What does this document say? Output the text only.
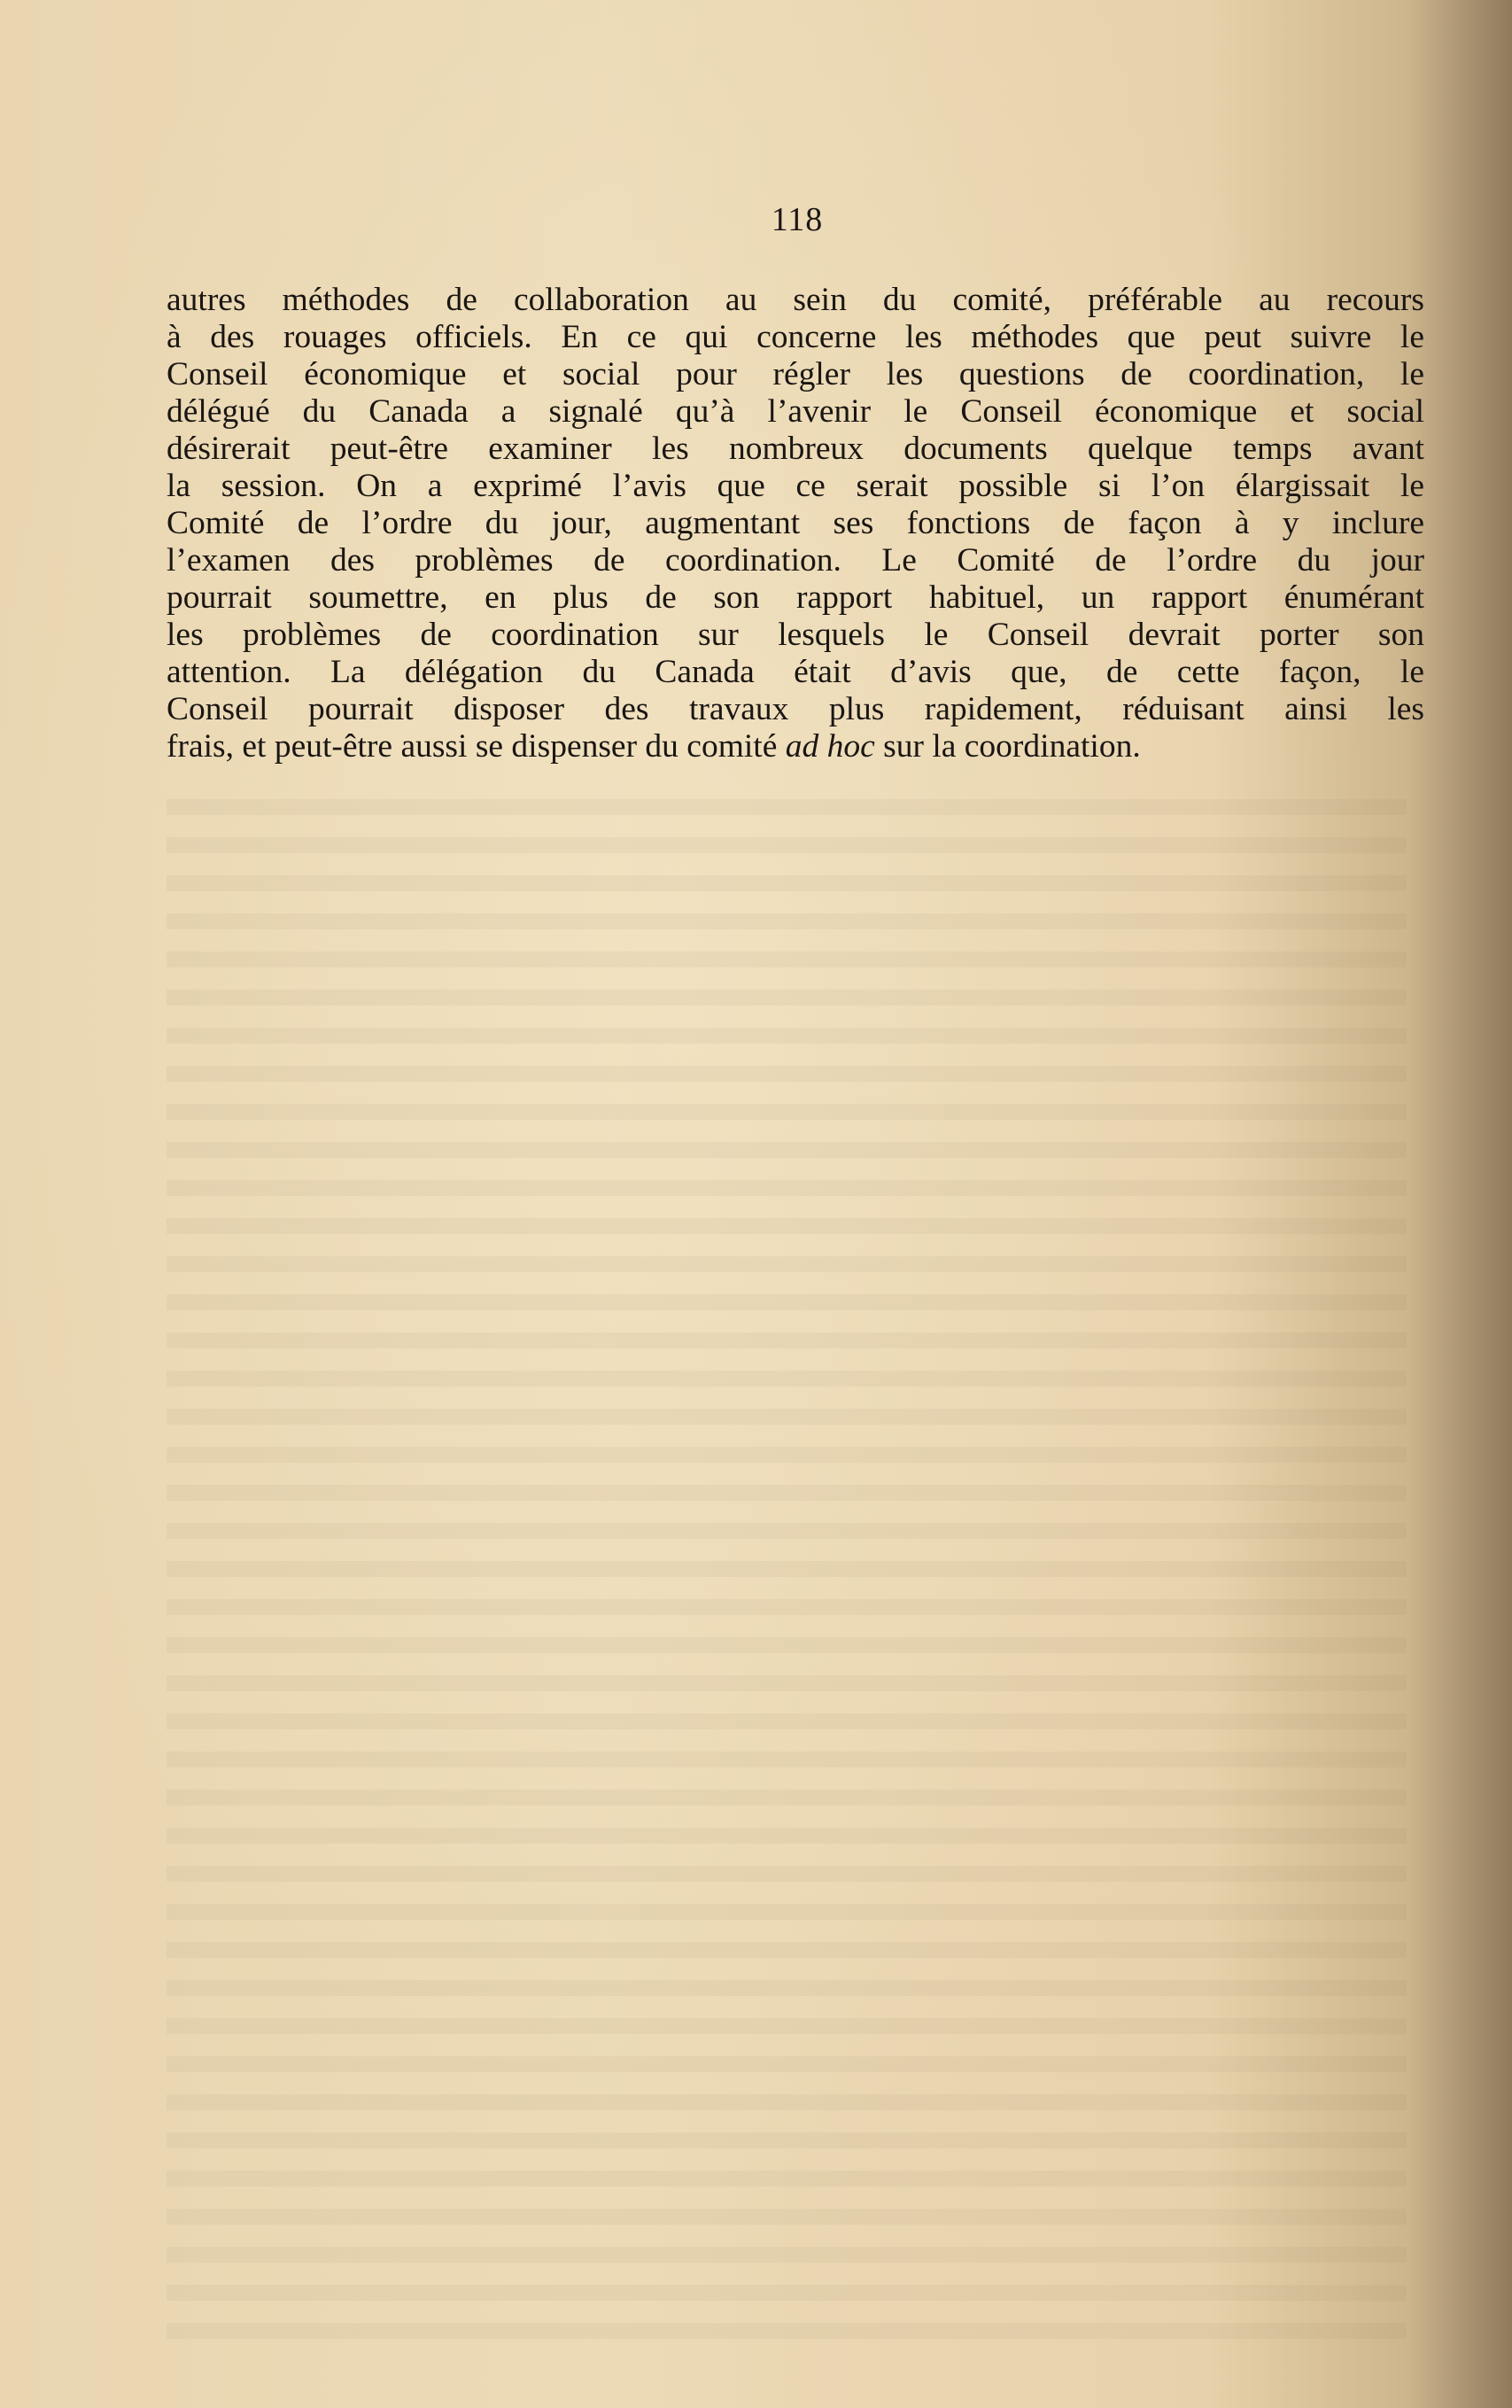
118
autres méthodes de collaboration au sein du comité, préférable au recours
à des rouages officiels. En ce qui concerne les méthodes que peut suivre le
Conseil économique et social pour régler les questions de coordination, le
délégué du Canada a signalé qu’à l’avenir le Conseil économique et social
désirerait peut-être examiner les nombreux documents quelque temps avant
la session. On a exprimé l’avis que ce serait possible si l’on élargissait le
Comité de l’ordre du jour, augmentant ses fonctions de façon à y inclure
l’examen des problèmes de coordination. Le Comité de l’ordre du jour
pourrait soumettre, en plus de son rapport habituel, un rapport énumérant
les problèmes de coordination sur lesquels le Conseil devrait porter son
attention. La délégation du Canada était d’avis que, de cette façon, le
Conseil pourrait disposer des travaux plus rapidement, réduisant ainsi les
frais, et peut-être aussi se dispenser du comité ad hoc sur la coordination.
